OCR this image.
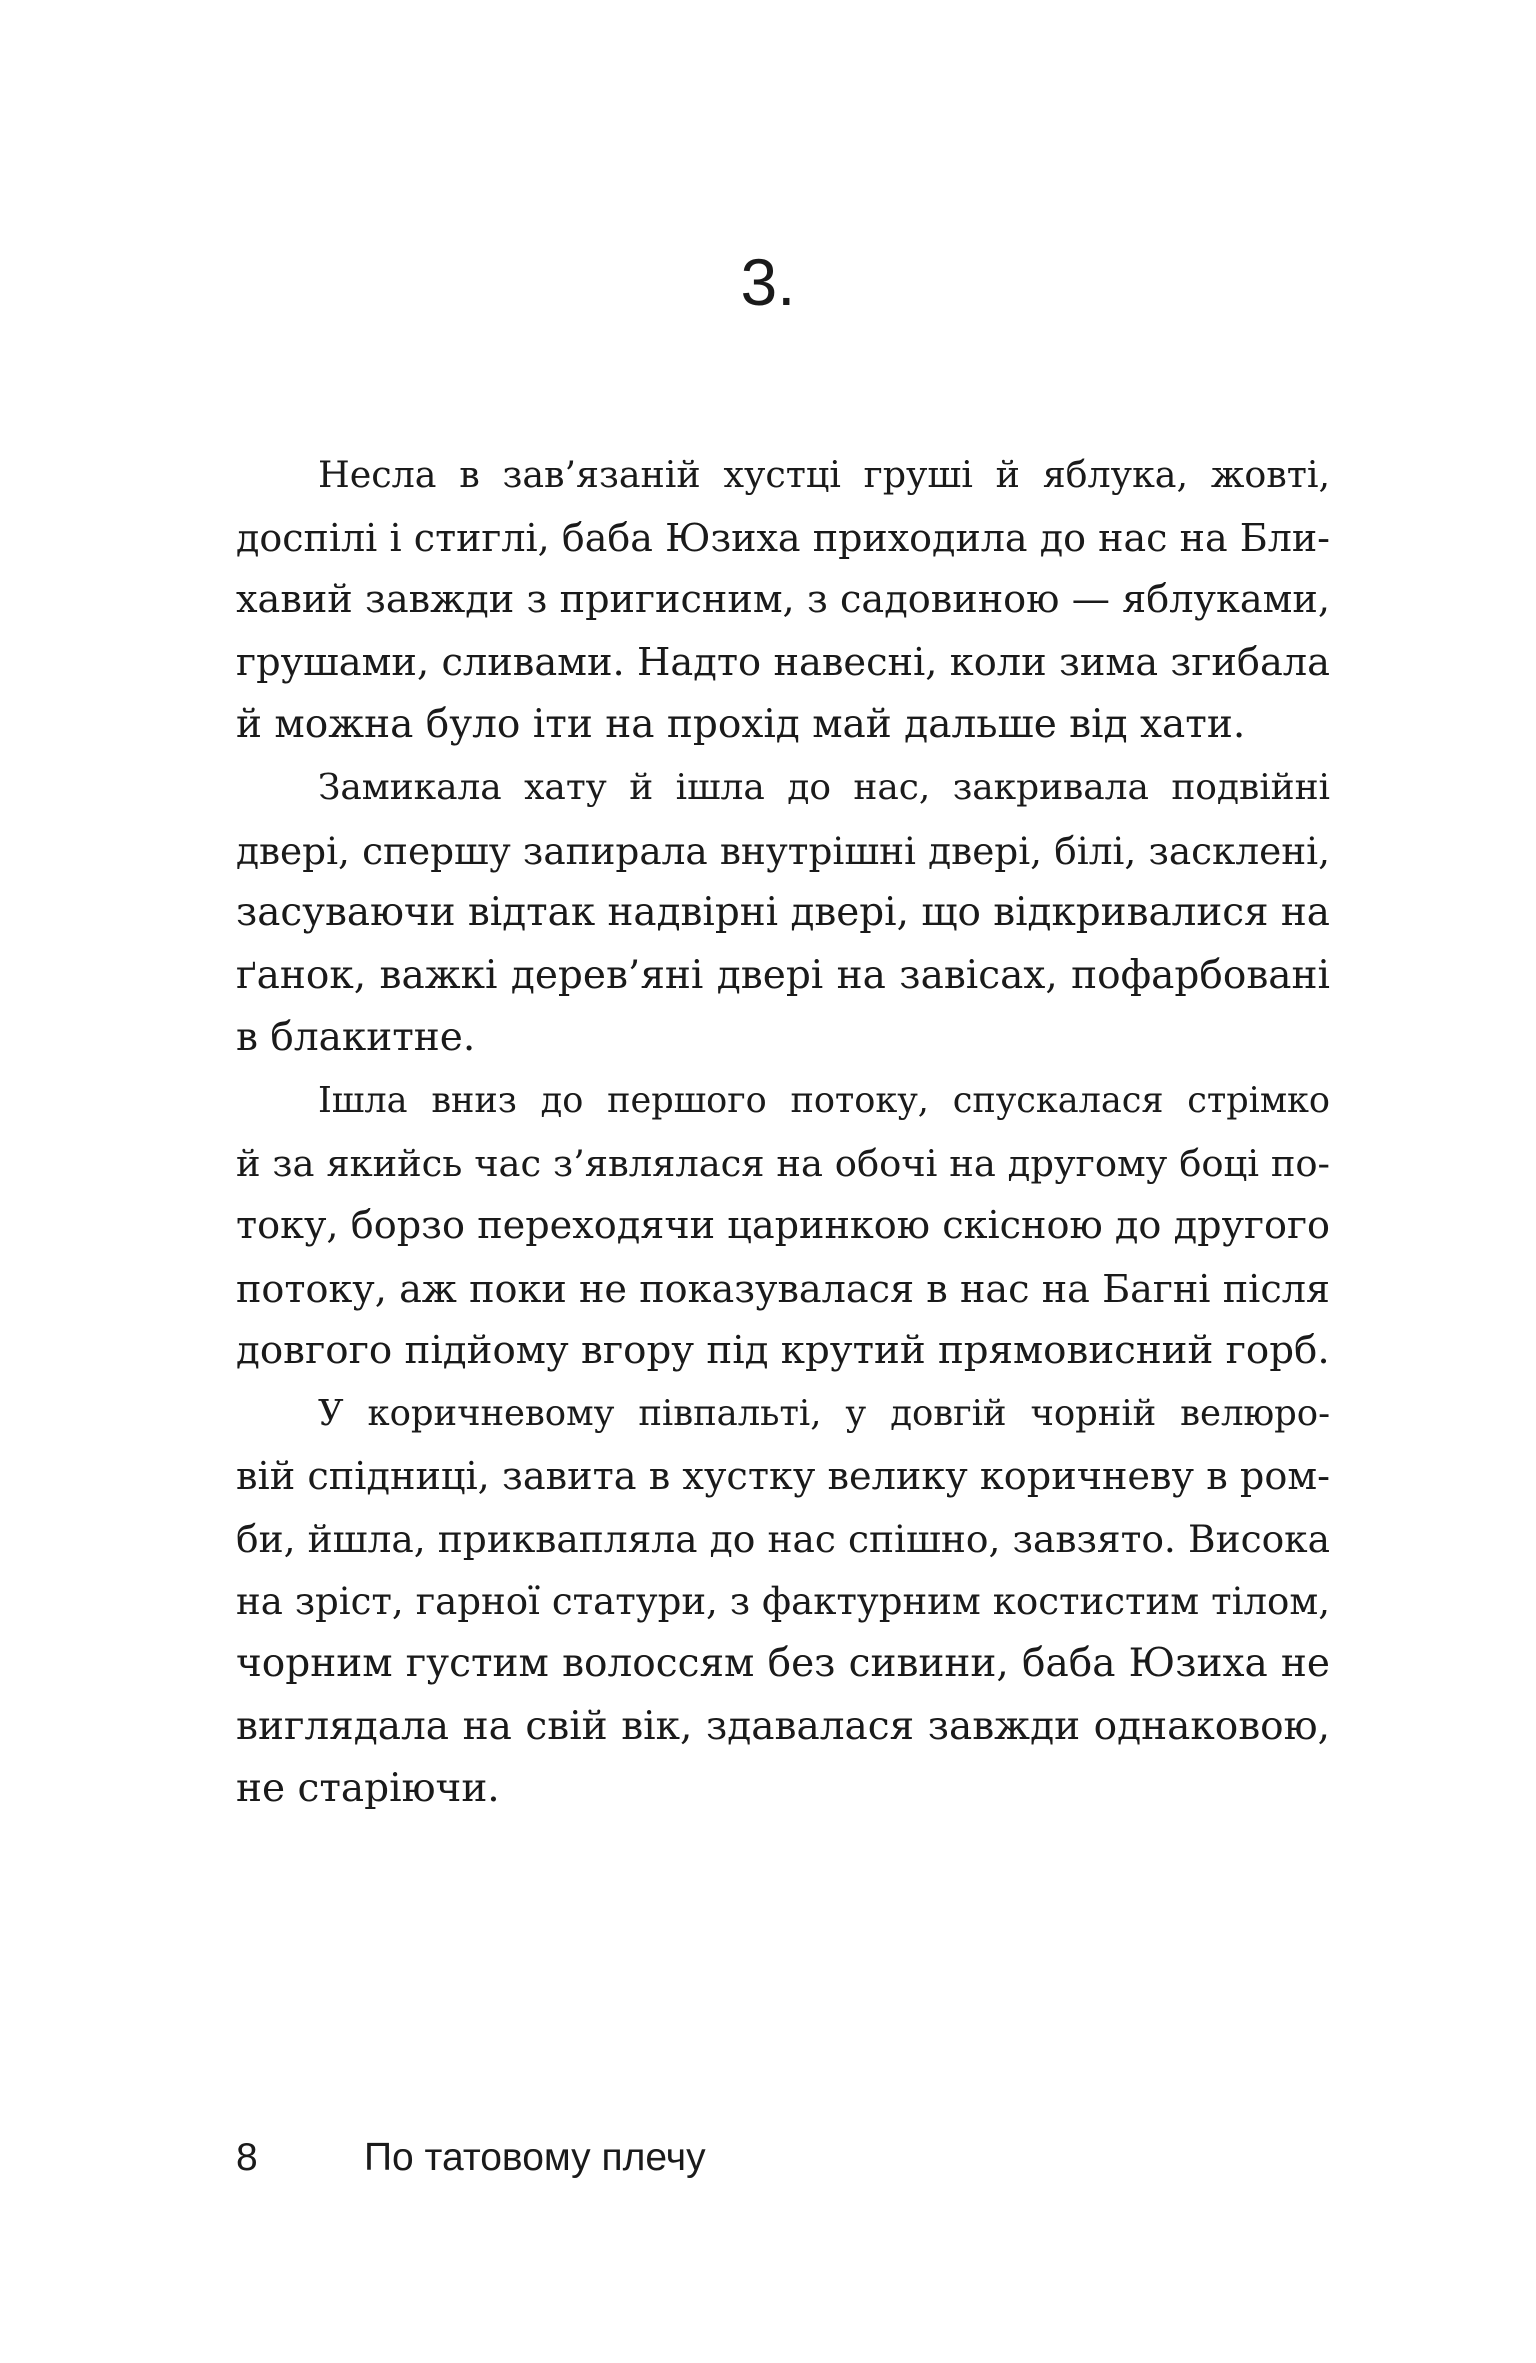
3.

Несла в зав’язаній хустці груші й яблука, жовті,
доспілі і стиглі, баба Юзиха приходила до нас на Бли-
хавий завжди з пригисним, з садовиною — яблуками,
грушами, сливами. Надто навесні, коли зима згибала
й можна було іти на прохід май дальше від хати.

Замикала хату й ішла до нас, закривала подвійні
двері, спершу запирала внутрішні двері, білі, засклені,
засуваючи відтак надвірні двері, що відкривалися на
ґанок, важкі дерев’яні двері на завісах, пофарбовані
в блакитне.

Ішла вниз до першого потоку, спускалася стрімко
й за якийсь час з’являлася на обочі на другому боці по-
току, борзо переходячи царинкою скісною до другого
потоку, аж поки не показувалася в нас на Багні після
довгого підйому вгору під крутий прямовисний горб.

У коричневому півпальті, у довгій чорній велюро-
вій спідниці, завита в хустку велику коричневу в ром-
би, йшла, приквапляла до нас спішно, завзято. Висока
на зріст, гарної статури, з фактурним костистим тілом,
чорним густим волоссям без сивини, баба Юзиха не
виглядала на свій вік, здавалася завжди однаковою,
не старіючи.

8	По татовому плечу
